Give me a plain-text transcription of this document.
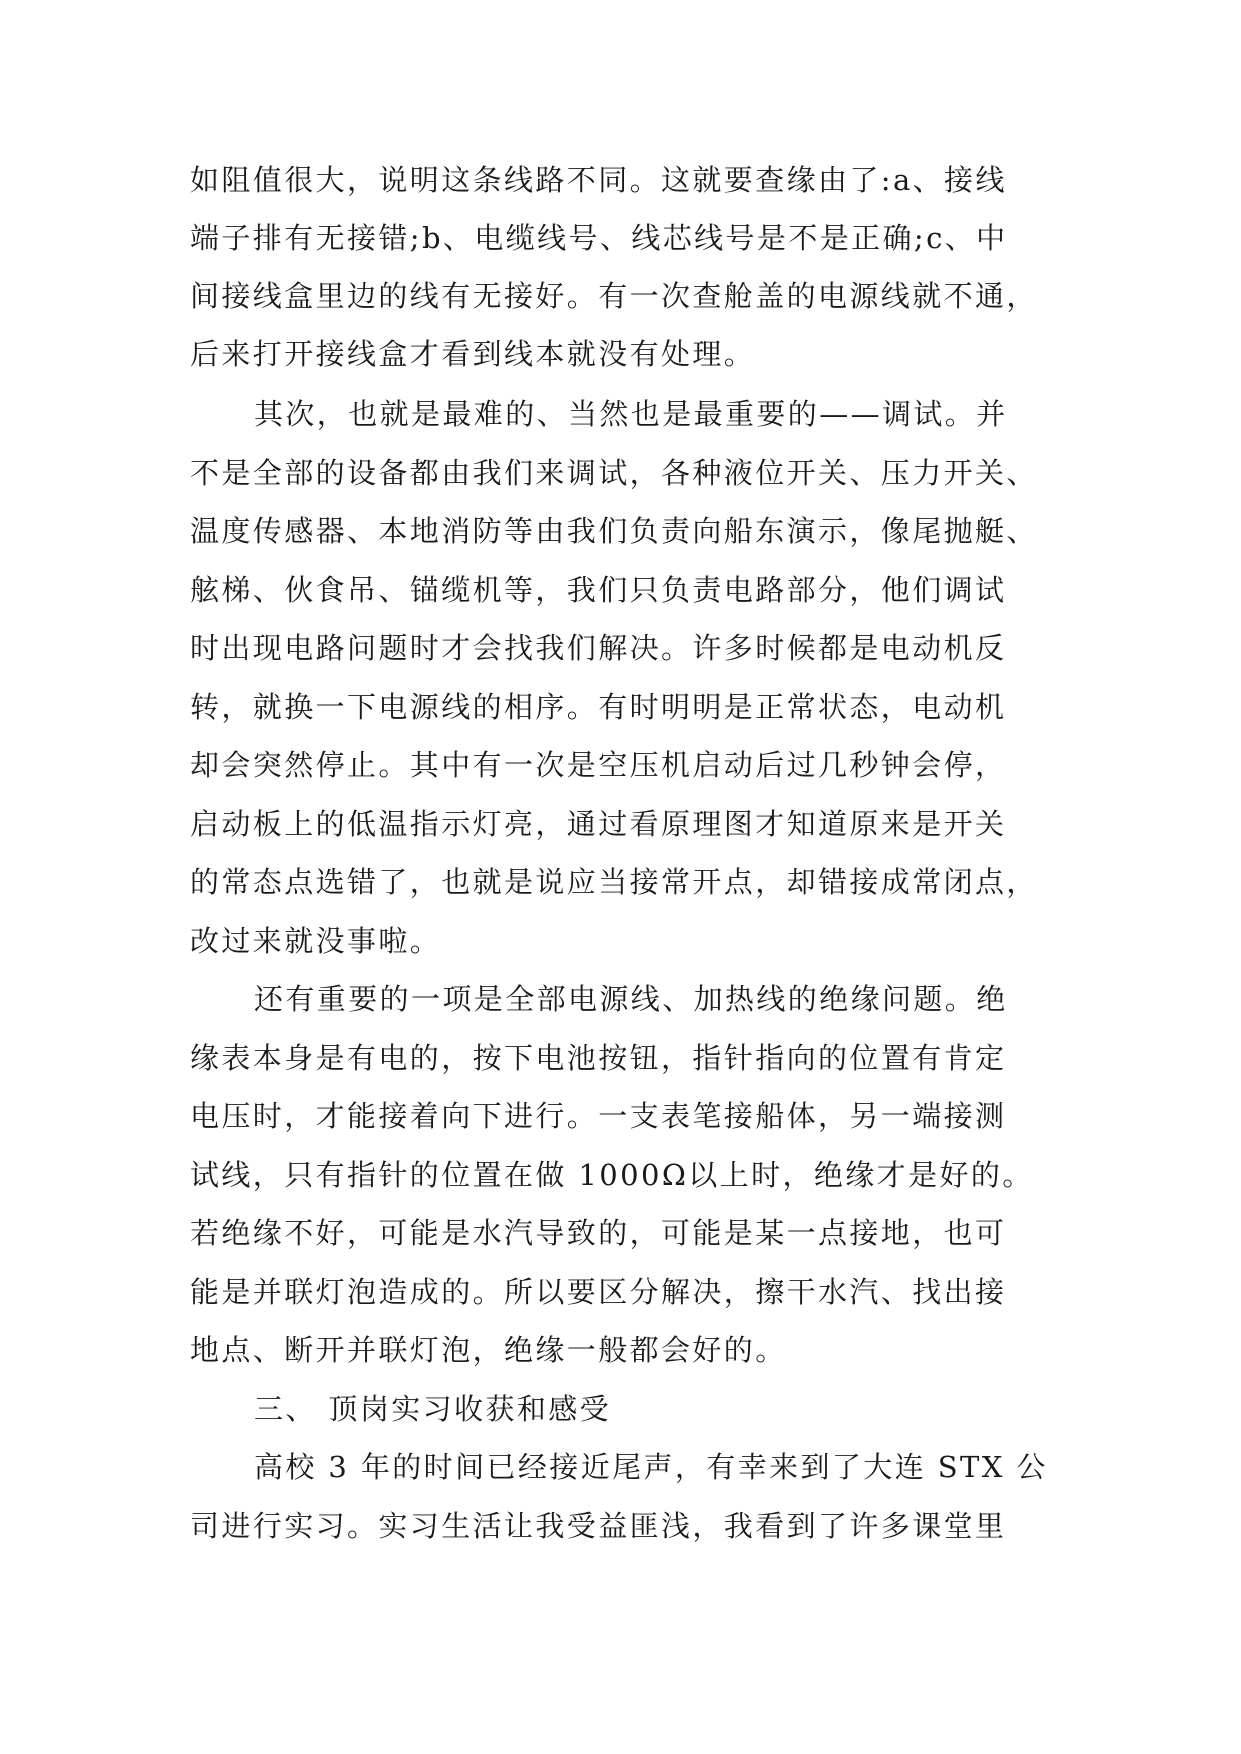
如阻值很大，说明这条线路不同。这就要查缘由了:a、接线
端子排有无接错;b、电缆线号、线芯线号是不是正确;c、中
间接线盒里边的线有无接好。有一次查舱盖的电源线就不通，
后来打开接线盒才看到线本就没有处理。
其次，也就是最难的、当然也是最重要的——调试。并
不是全部的设备都由我们来调试，各种液位开关、压力开关、
温度传感器、本地消防等由我们负责向船东演示，像尾抛艇、
舷梯、伙食吊、锚缆机等，我们只负责电路部分，他们调试
时出现电路问题时才会找我们解决。许多时候都是电动机反
转，就换一下电源线的相序。有时明明是正常状态，电动机
却会突然停止。其中有一次是空压机启动后过几秒钟会停，
启动板上的低温指示灯亮，通过看原理图才知道原来是开关
的常态点选错了，也就是说应当接常开点，却错接成常闭点，
改过来就没事啦。
还有重要的一项是全部电源线、加热线的绝缘问题。绝
缘表本身是有电的，按下电池按钮，指针指向的位置有肯定
电压时，才能接着向下进行。一支表笔接船体，另一端接测
试线，只有指针的位置在做 1000Ω以上时，绝缘才是好的。
若绝缘不好，可能是水汽导致的，可能是某一点接地，也可
能是并联灯泡造成的。所以要区分解决，擦干水汽、找出接
地点、断开并联灯泡，绝缘一般都会好的。
三、 顶岗实习收获和感受
高校 3 年的时间已经接近尾声，有幸来到了大连 STX 公
司进行实习。实习生活让我受益匪浅，我看到了许多课堂里
